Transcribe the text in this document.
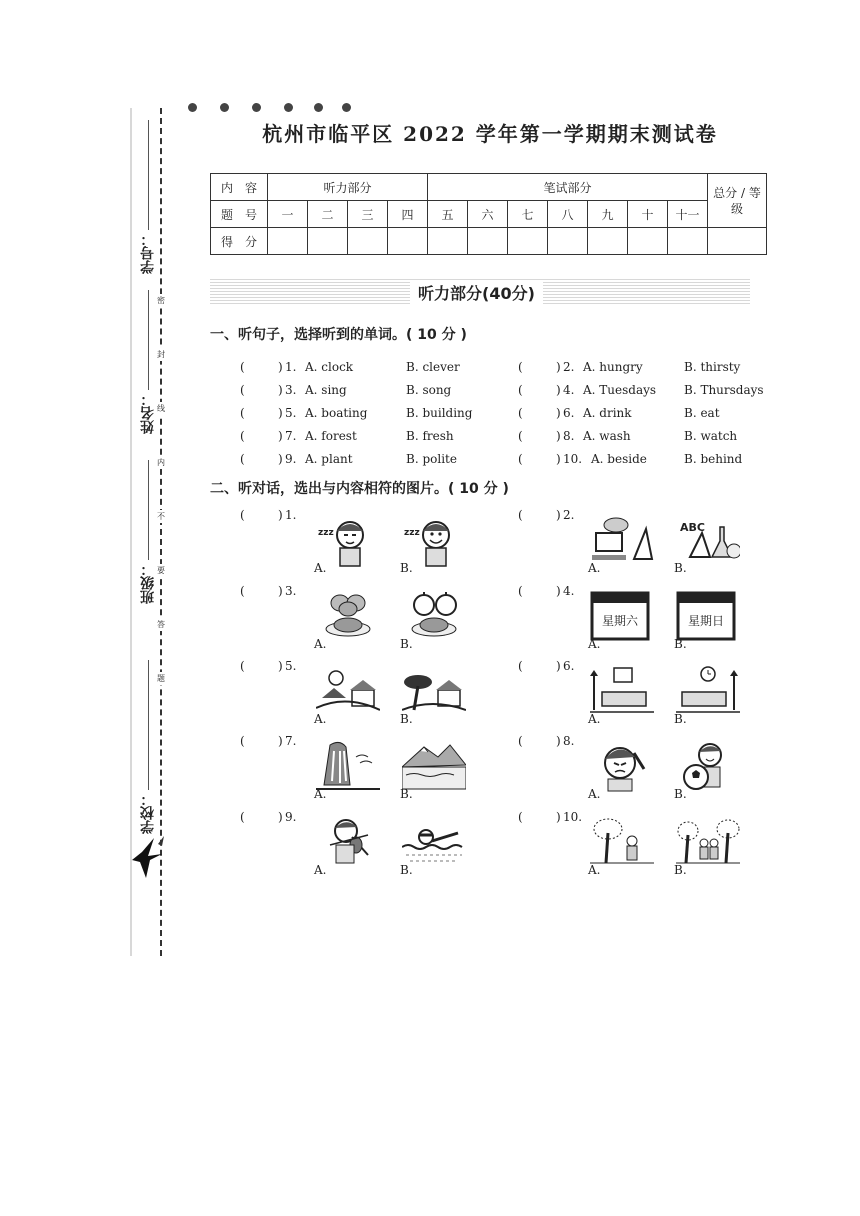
学号：
姓名：
班级：
学校：
密
封
线
内
不
要
答
题
杭州市临平区 2022 学年第一学期期末测试卷
内　容	听力部分				笔试部分							总分 / 等级
题　号	一	二	三	四	五	六	七	八	九	十	十一	
得　分												
听力部分(40分)
一、听句子，选择听到的单词。( 10 分 )
(	) 1. A. clock	B. clever	(	) 2. A. hungry	B. thirsty
(	) 3. A. sing	B. song	(	) 4. A. Tuesdays B. Thursdays
(	) 5. A. boating	B. building	(	) 6. A. drink	B. eat
(	) 7. A. forest	B. fresh	(	) 8. A. wash	B. watch
(	) 9. A. plant	B. polite	(	) 10. A. beside	B. behind
二、听对话，选出与内容相符的图片。( 10 分 )
(	) 1.
zzz
A.
zzz
B.
(	) 2.
A.
ABC
B.
(	) 3.
A.	B.
(	) 4.
星期六
A.
星期日
B.
(	) 5.
A.	B.
(	) 6.
A.	B.
(	) 7.
A.	B.
(	) 8.
A.	B.
(	) 9.
A.	B.
(	) 10.
A.	B.
